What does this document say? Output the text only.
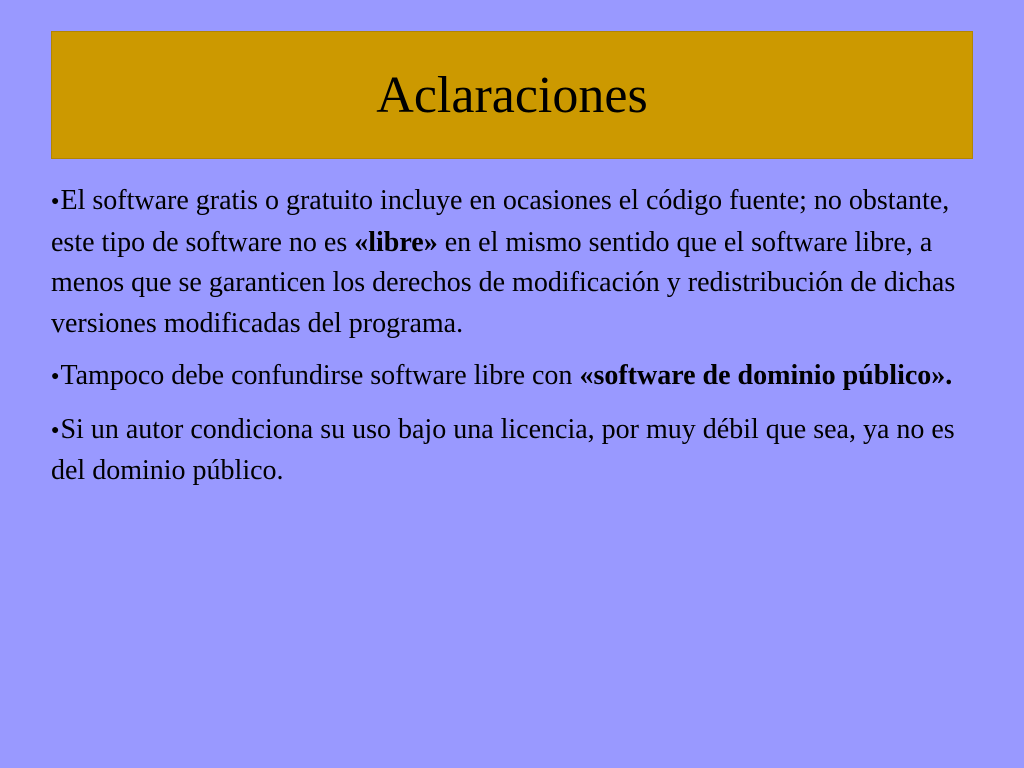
Aclaraciones

●El software gratis o gratuito incluye en ocasiones el código fuente; no obstante, este tipo de software no es «libre» en el mismo sentido que el software libre, a menos que se garanticen los derechos de modificación y redistribución de dichas versiones modificadas del programa.

●Tampoco debe confundirse software libre con «software de dominio público».

●Si un autor condiciona su uso bajo una licencia, por muy débil que sea, ya no es del dominio público.
